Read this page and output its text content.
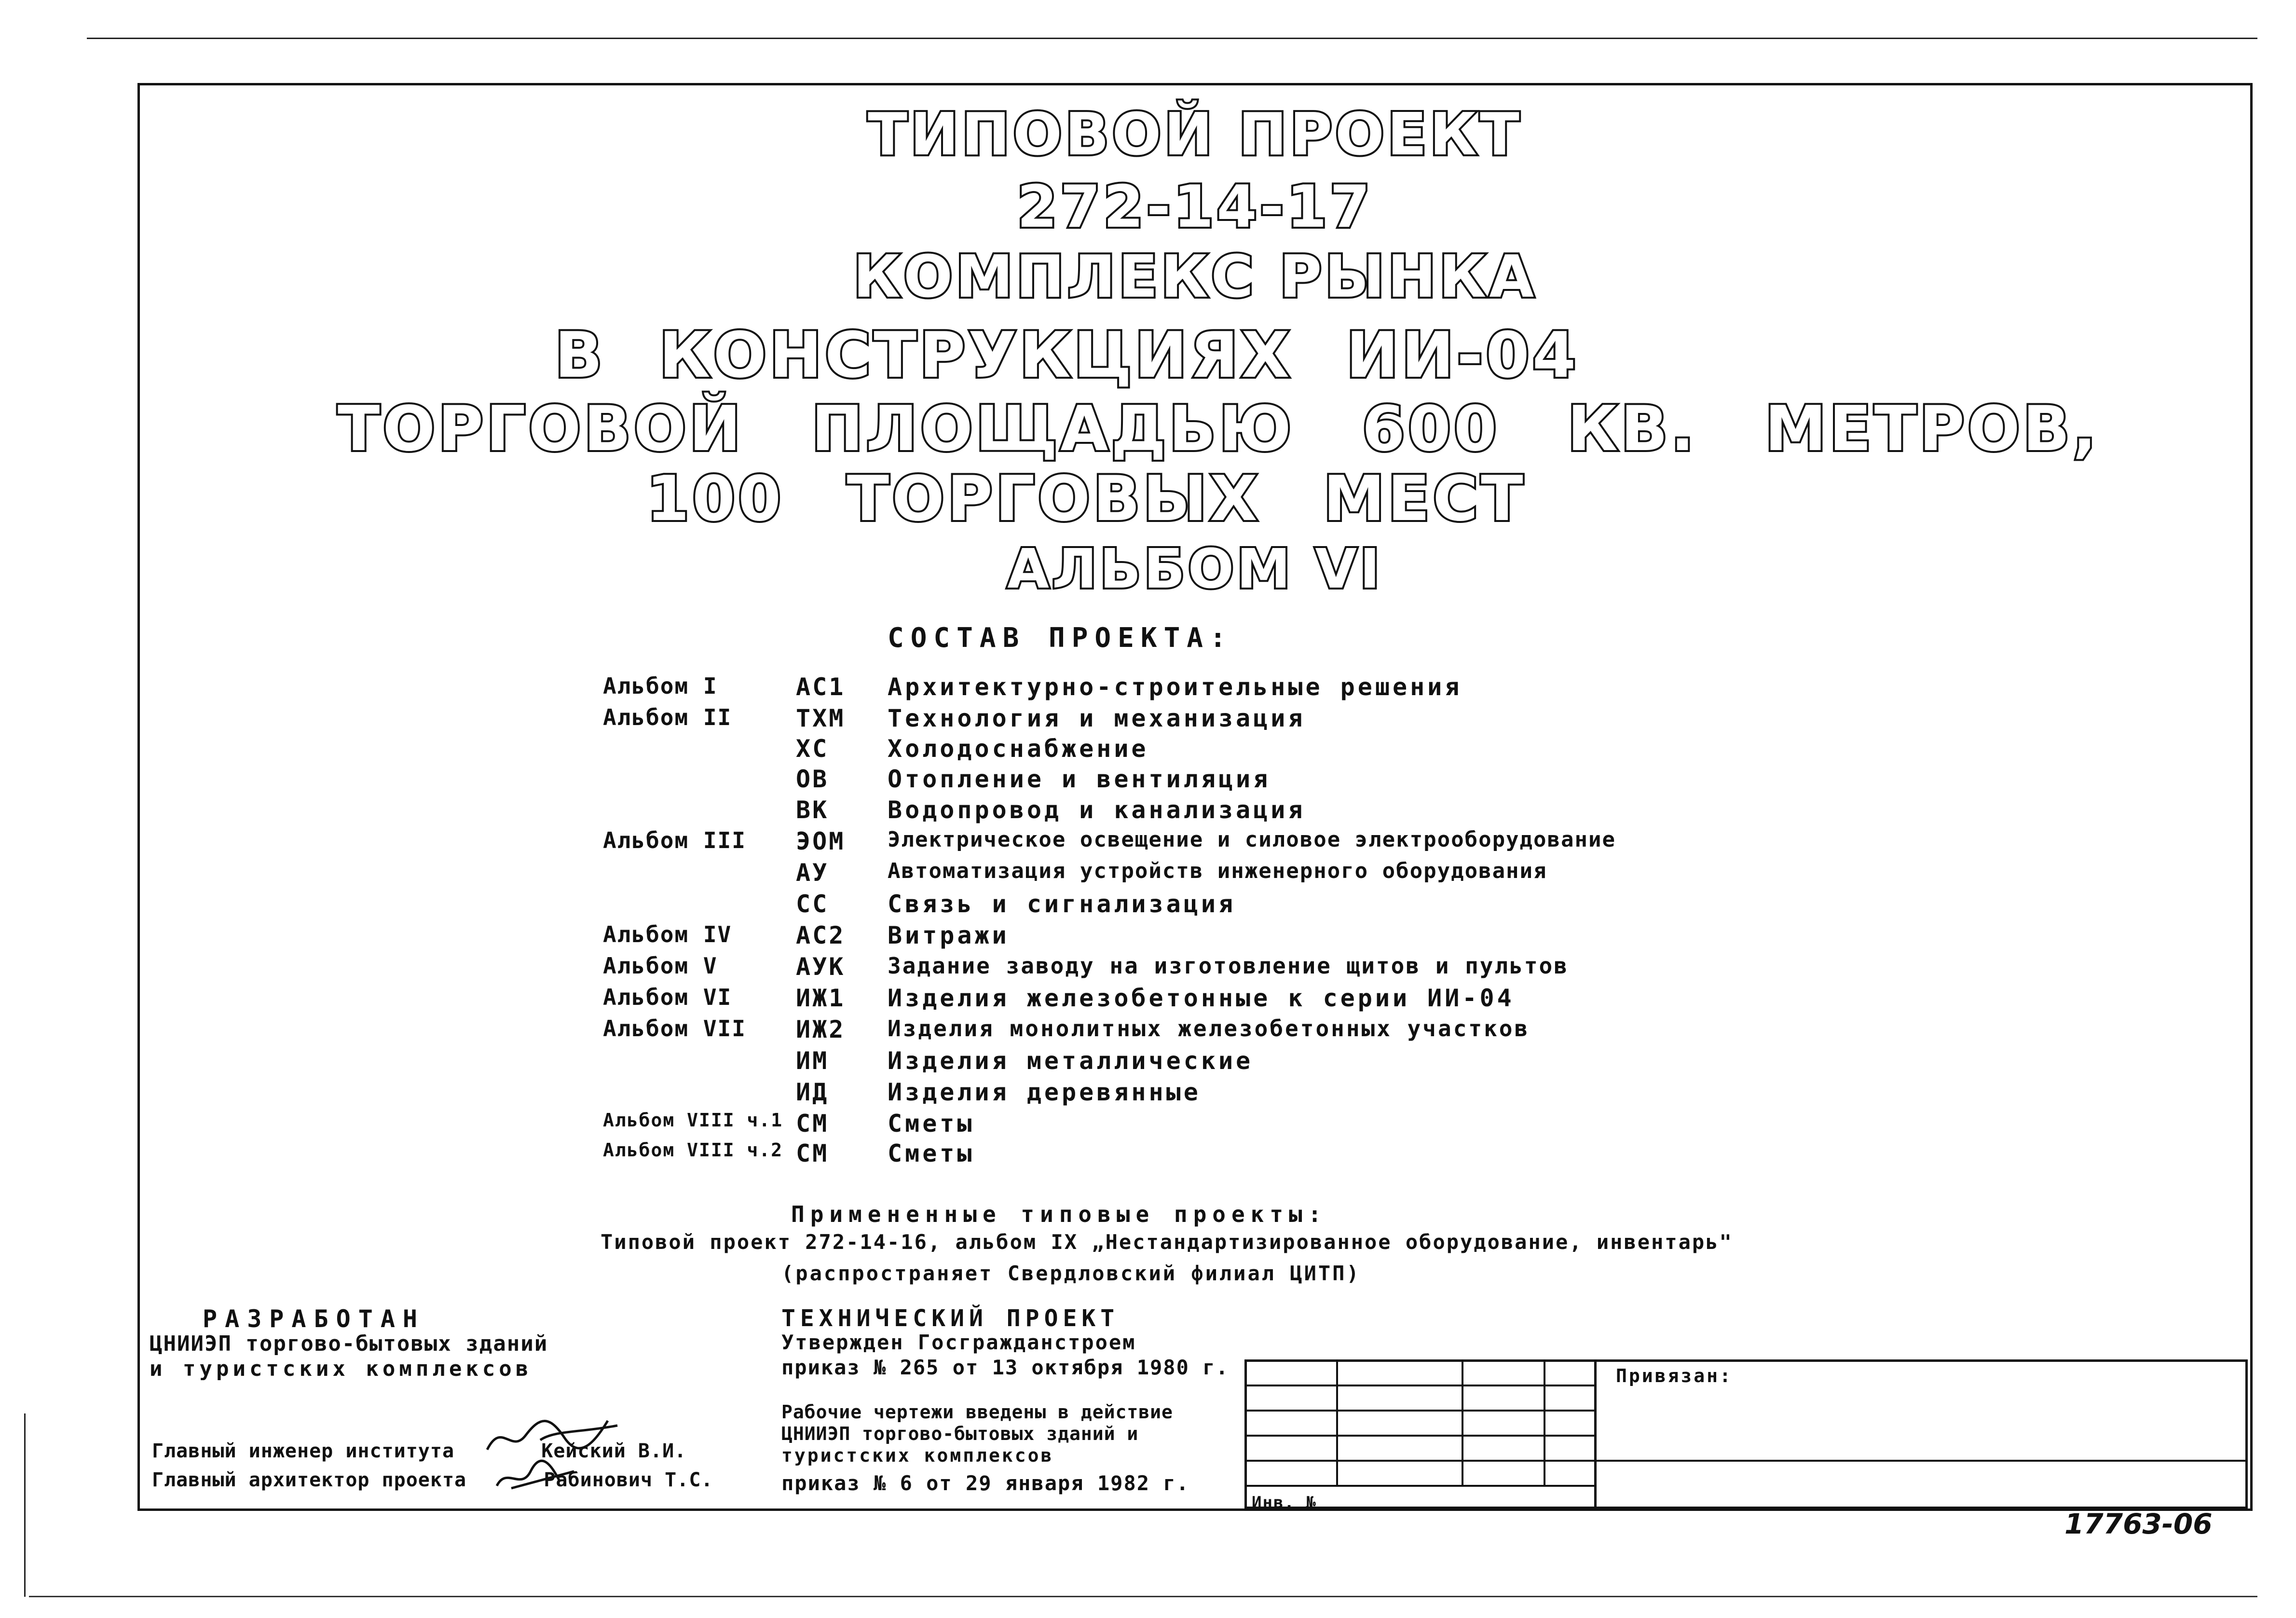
ТИПОВОЙ ПРОЕКТ
272-14-17
КОМПЛЕКС РЫНКА
В КОНСТРУКЦИЯХ ИИ-04
ТОРГОВОЙ ПЛОЩАДЬЮ 600 КВ. МЕТРОВ,
100 ТОРГОВЫХ МЕСТ
АЛЬБОМ VI
СОСТАВ ПРОЕКТА:
Альбом I	АС1 Архитектурно-строительные решения
Альбом II	ТХМ Технология и механизация
ХС Холодоснабжение
ОВ Отопление и вентиляция
ВК Водопровод и канализация
Альбом III ЭОМ Электрическое освещение и силовое электрооборудование
АУ	Автоматизация устройств инженерного оборудования
СС Связь и сигнализация
Альбом IV	АС2 Витражи
Альбом V	АУК Задание заводу на изготовление щитов и пультов
Альбом VI	ИЖ1 Изделия железобетонные к серии ИИ-04
Альбом VII ИЖ2 Изделия монолитных железобетонных участков
ИМ Изделия металлические
ИД Изделия деревянные
Альбом VIII ч.1 СМ Сметы
Альбом VIII ч.2 СМ Сметы
Примененные типовые проекты:
Типовой проект 272-14-16, альбом IX „Нестандартизированное оборудование, инвентарь"
(распространяет Свердловский филиал ЦИТП)
РАЗРАБОТАН
ЦНИИЭП торгово-бытовых зданий
и туристских комплексов
ТЕХНИЧЕСКИЙ ПРОЕКТ
Утвержден Госгражданстроем
приказ № 265 от 13 октября 1980 г.
Рабочие чертежи введены в действие
ЦНИИЭП торгово-бытовых зданий и
туристских комплексов
приказ № 6 от 29 января 1982 г.
Главный инженер института	Кейский В.И.
Главный архитектор проекта	Рабинович Т.С.
Привязан:
Инв. №
17763-06
